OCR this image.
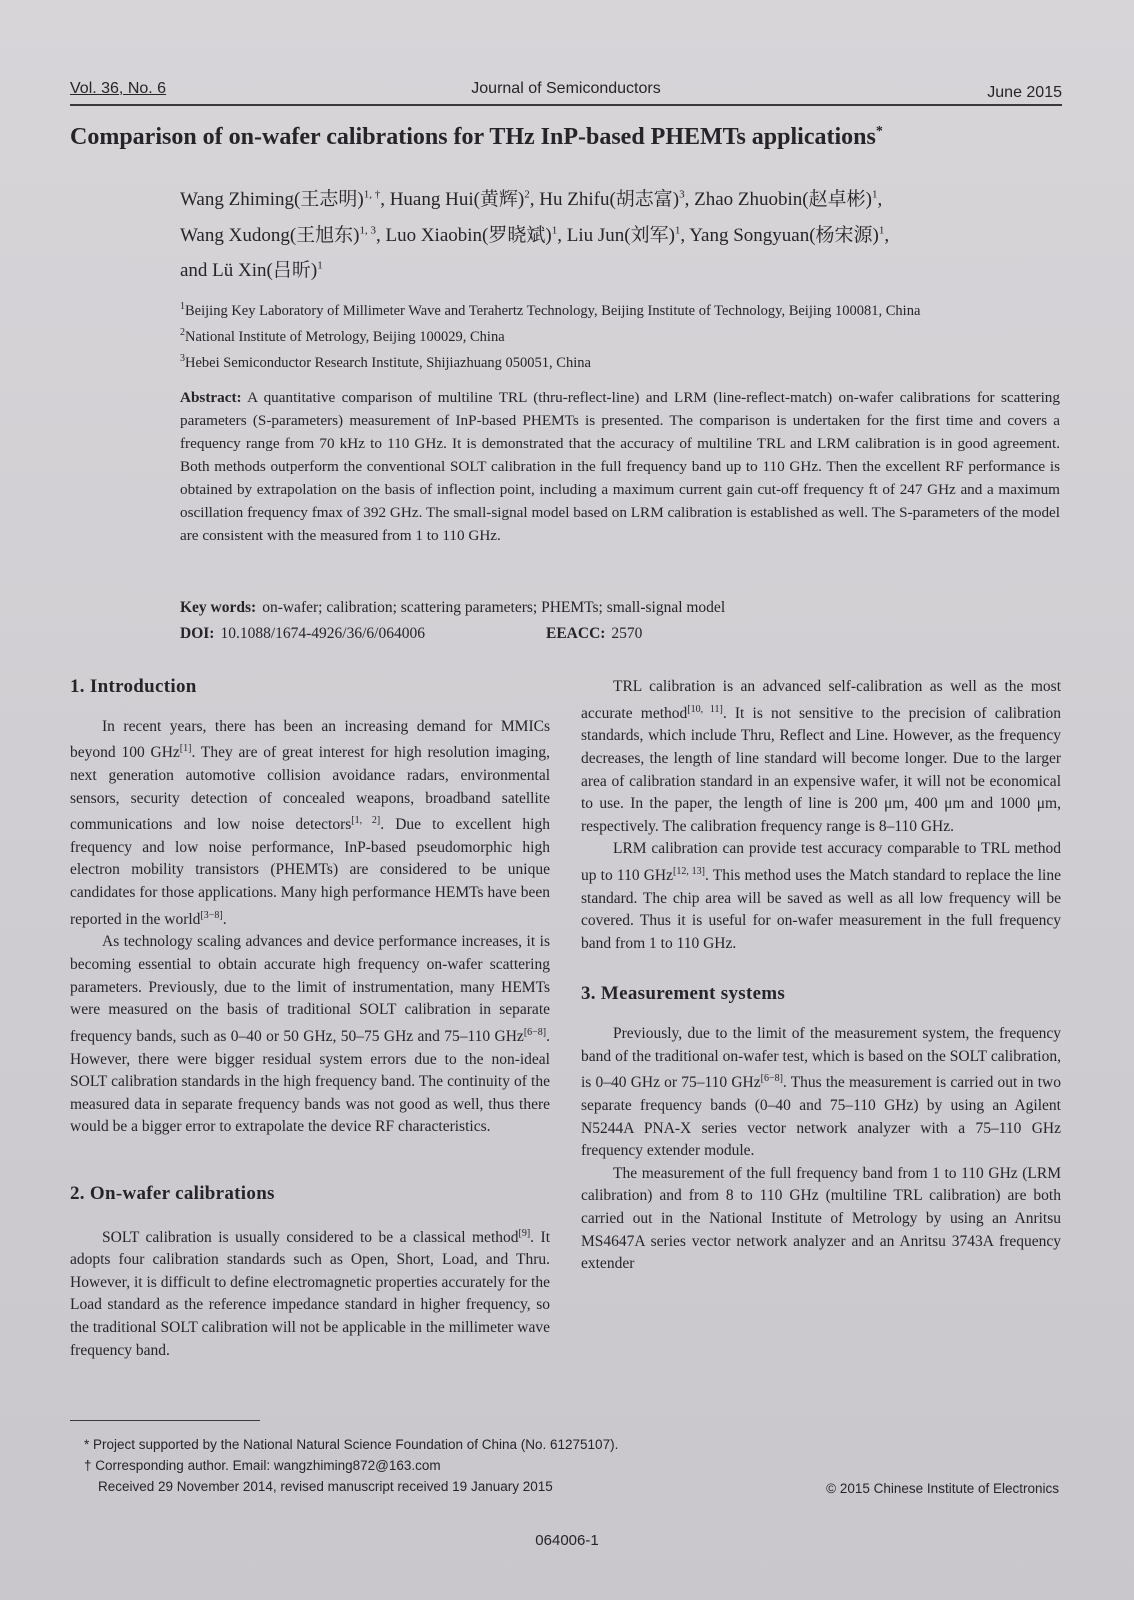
Vol. 36, No. 6	Journal of Semiconductors	June 2015
Comparison of on-wafer calibrations for THz InP-based PHEMTs applications*
Wang Zhiming(王志明)$^{1, \dagger}$, Huang Hui(黄辉)$^2$, Hu Zhifu(胡志富)$^3$, Zhao Zhuobin(赵卓彬)$^1$,
Wang Xudong(王旭东)$^{1, 3}$, Luo Xiaobin(罗晓斌)$^1$, Liu Jun(刘军)$^1$, Yang Songyuan(杨宋源)$^1$,
and Lü Xin(吕昕)$^1$
$^1$Beijing Key Laboratory of Millimeter Wave and Terahertz Technology, Beijing Institute of Technology, Beijing 100081, China
$^2$National Institute of Metrology, Beijing 100029, China
$^3$Hebei Semiconductor Research Institute, Shijiazhuang 050051, China
Abstract: A quantitative comparison of multiline TRL (thru-reflect-line) and LRM (line-reflect-match) on-wafer calibrations for scattering parameters (S-parameters) measurement of InP-based PHEMTs is presented. The comparison is undertaken for the first time and covers a frequency range from 70 kHz to 110 GHz. It is demonstrated that the accuracy of multiline TRL and LRM calibration is in good agreement. Both methods outperform the conventional SOLT calibration in the full frequency band up to 110 GHz. Then the excellent RF performance is obtained by extrapolation on the basis of inflection point, including a maximum current gain cut-off frequency ft of 247 GHz and a maximum oscillation frequency fmax of 392 GHz. The small-signal model based on LRM calibration is established as well. The S-parameters of the model are consistent with the measured from 1 to 110 GHz.
Key words: on-wafer; calibration; scattering parameters; PHEMTs; small-signal model
DOI: 10.1088/1674-4926/36/6/064006	EEACC: 2570
1. Introduction

In recent years, there has been an increasing demand for MMICs beyond 100 GHz[1]. They are of great interest for high resolution imaging, next generation automotive collision avoidance radars, environmental sensors, security detection of concealed weapons, broadband satellite communications and low noise detectors[1, 2]. Due to excellent high frequency and low noise performance, InP-based pseudomorphic high electron mobility transistors (PHEMTs) are considered to be unique candidates for those applications. Many high performance HEMTs have been reported in the world[3−8].

As technology scaling advances and device performance increases, it is becoming essential to obtain accurate high frequency on-wafer scattering parameters. Previously, due to the limit of instrumentation, many HEMTs were measured on the basis of traditional SOLT calibration in separate frequency bands, such as 0–40 or 50 GHz, 50–75 GHz and 75–110 GHz[6−8]. However, there were bigger residual system errors due to the non-ideal SOLT calibration standards in the high frequency band. The continuity of the measured data in separate frequency bands was not good as well, thus there would be a bigger error to extrapolate the device RF characteristics.

2. On-wafer calibrations

SOLT calibration is usually considered to be a classical method[9]. It adopts four calibration standards such as Open, Short, Load, and Thru. However, it is difficult to define electromagnetic properties accurately for the Load standard as the reference impedance standard in higher frequency, so the traditional SOLT calibration will not be applicable in the millimeter wave frequency band.

TRL calibration is an advanced self-calibration as well as the most accurate method[10, 11]. It is not sensitive to the precision of calibration standards, which include Thru, Reflect and Line. However, as the frequency decreases, the length of line standard will become longer. Due to the larger area of calibration standard in an expensive wafer, it will not be economical to use. In the paper, the length of line is 200 μm, 400 μm and 1000 μm, respectively. The calibration frequency range is 8–110 GHz.

LRM calibration can provide test accuracy comparable to TRL method up to 110 GHz[12, 13]. This method uses the Match standard to replace the line standard. The chip area will be saved as well as all low frequency will be covered. Thus it is useful for on-wafer measurement in the full frequency band from 1 to 110 GHz.

3. Measurement systems

Previously, due to the limit of the measurement system, the frequency band of the traditional on-wafer test, which is based on the SOLT calibration, is 0–40 GHz or 75–110 GHz[6−8]. Thus the measurement is carried out in two separate frequency bands (0–40 and 75–110 GHz) by using an Agilent N5244A PNA-X series vector network analyzer with a 75–110 GHz frequency extender module.

The measurement of the full frequency band from 1 to 110 GHz (LRM calibration) and from 8 to 110 GHz (multiline TRL calibration) are both carried out in the National Institute of Metrology by using an Anritsu MS4647A series vector network analyzer and an Anritsu 3743A frequency extender

* Project supported by the National Natural Science Foundation of China (No. 61275107).
† Corresponding author. Email: wangzhiming872@163.com
Received 29 November 2014, revised manuscript received 19 January 2015	© 2015 Chinese Institute of Electronics
064006-1
